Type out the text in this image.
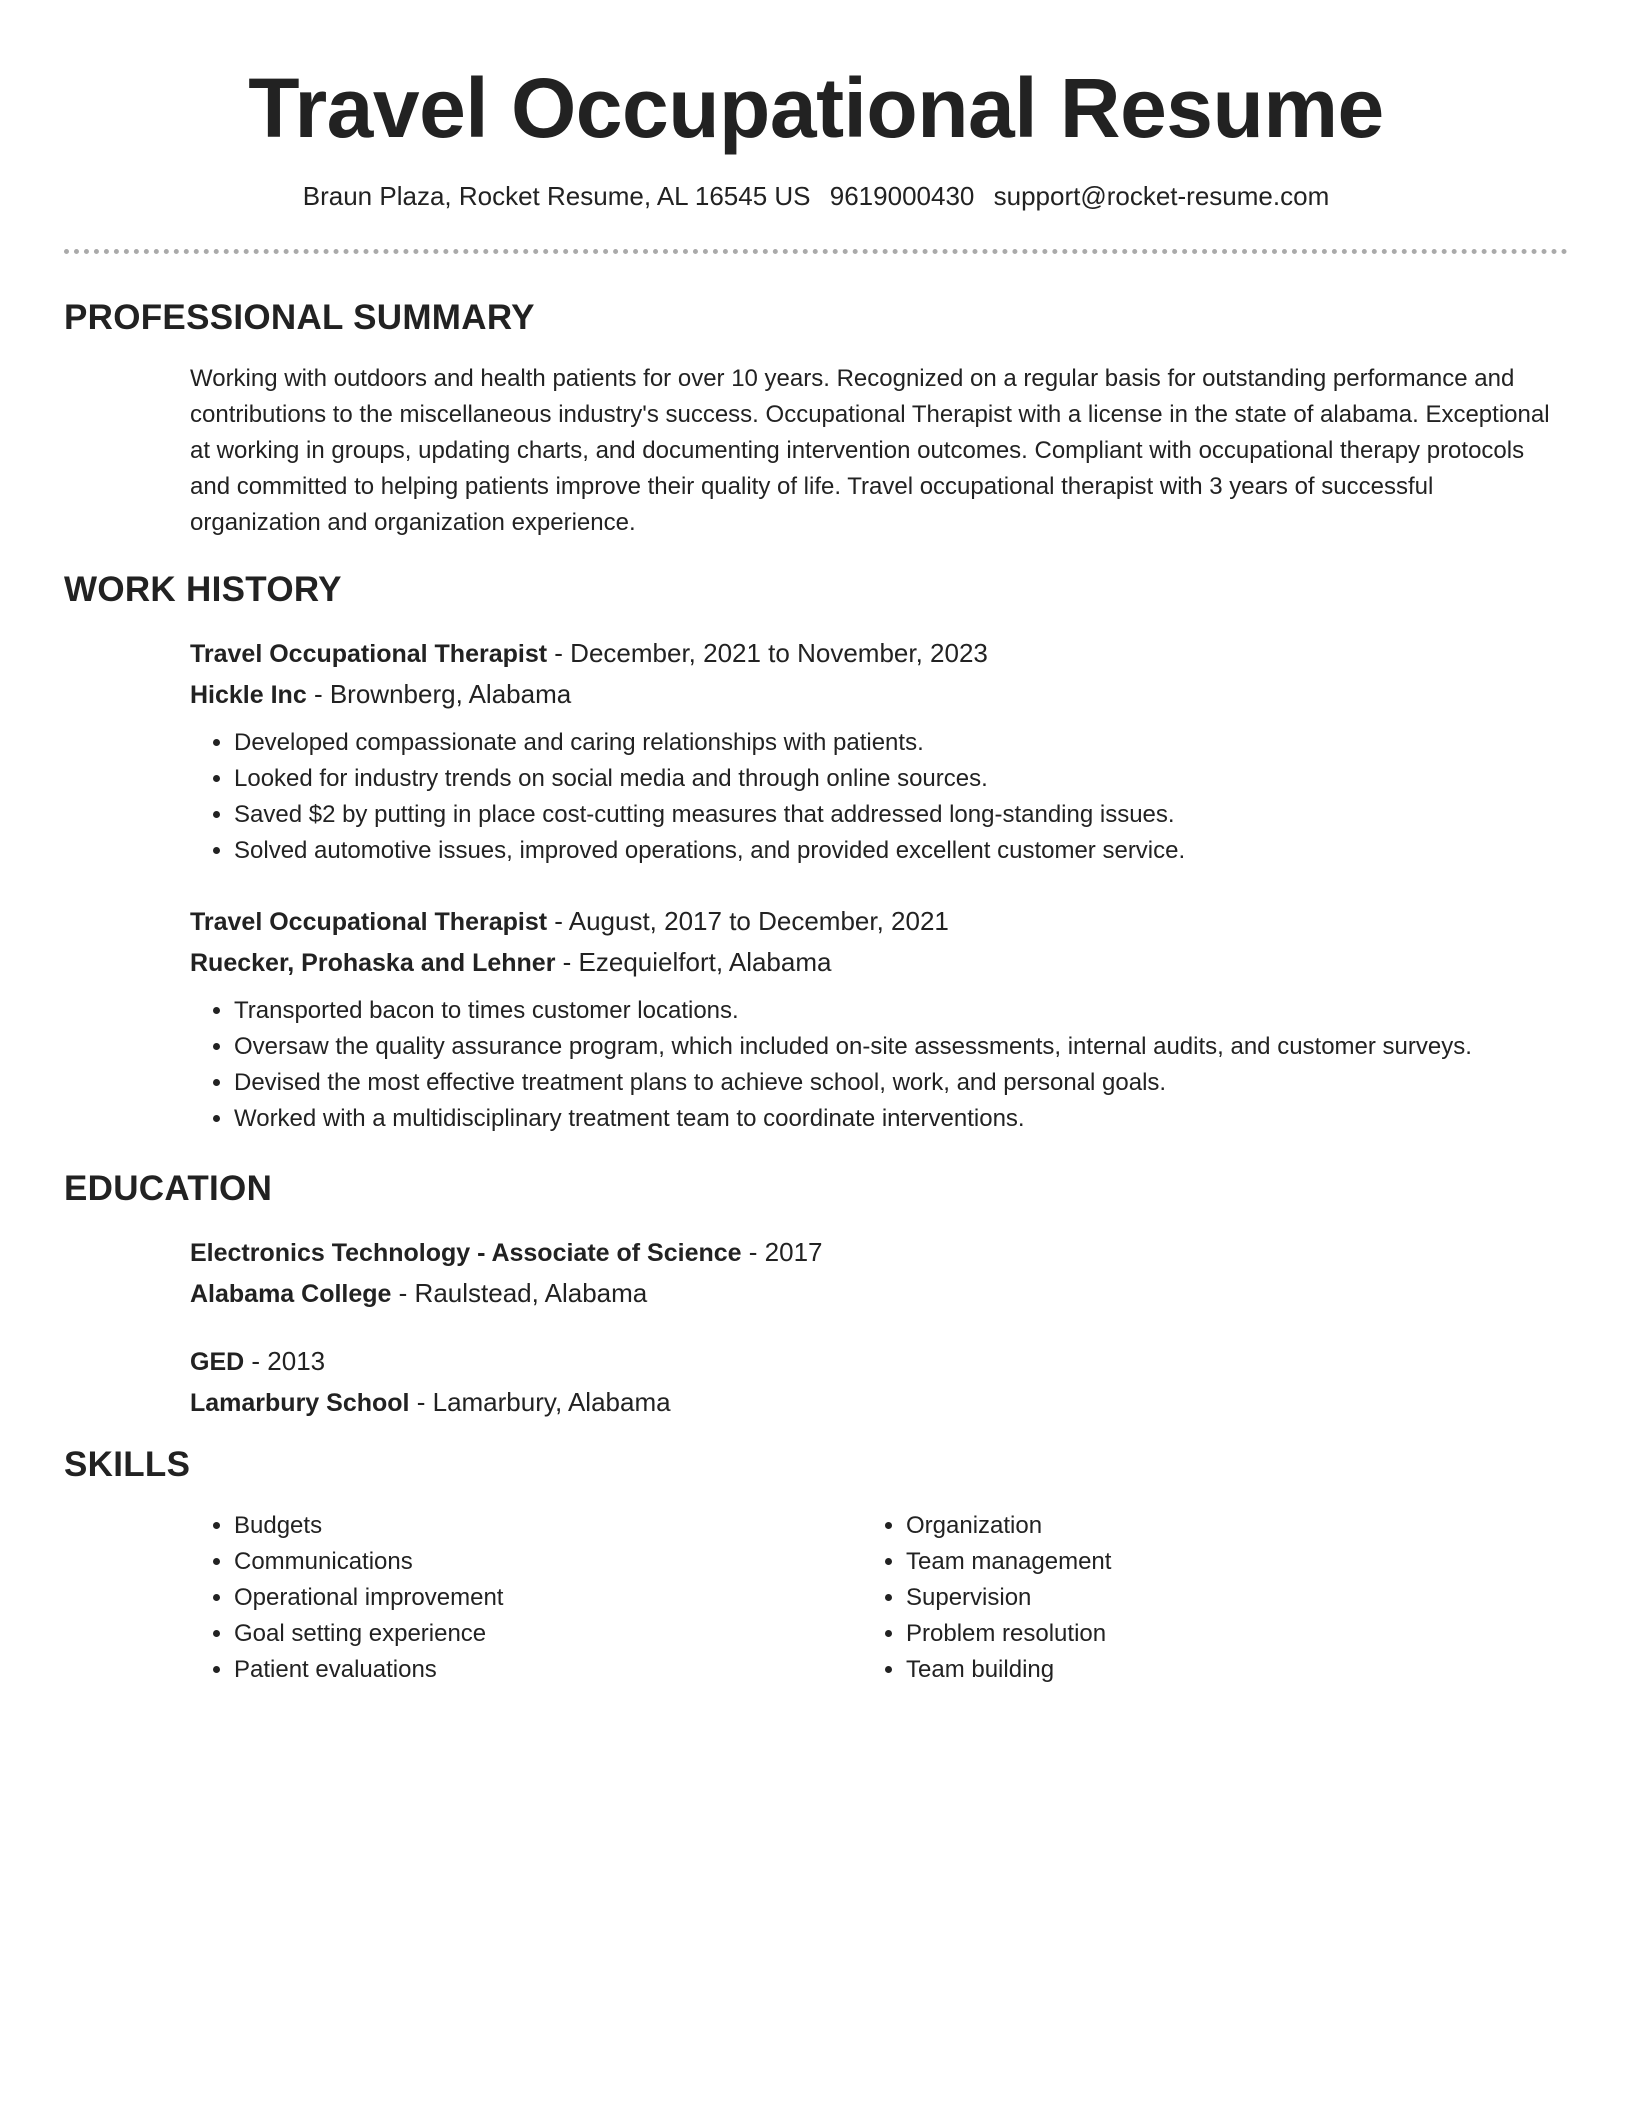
Travel Occupational Resume
Braun Plaza, Rocket Resume, AL 16545 US 9619000430 support@rocket-resume.com
PROFESSIONAL SUMMARY

Working with outdoors and health patients for over 10 years. Recognized on a regular basis for outstanding performance and contributions to the miscellaneous industry's success. Occupational Therapist with a license in the state of alabama. Exceptional at working in groups, updating charts, and documenting intervention outcomes. Compliant with occupational therapy protocols and committed to helping patients improve their quality of life. Travel occupational therapist with 3 years of successful organization and organization experience.

WORK HISTORY

Travel Occupational Therapist - December, 2021 to November, 2023

Hickle Inc - Brownberg, Alabama

• Developed compassionate and caring relationships with patients.
• Looked for industry trends on social media and through online sources.
• Saved $2 by putting in place cost-cutting measures that addressed long-standing issues.
• Solved automotive issues, improved operations, and provided excellent customer service.

Travel Occupational Therapist - August, 2017 to December, 2021

Ruecker, Prohaska and Lehner - Ezequielfort, Alabama

• Transported bacon to times customer locations.
• Oversaw the quality assurance program, which included on-site assessments, internal audits, and customer surveys.
• Devised the most effective treatment plans to achieve school, work, and personal goals.
• Worked with a multidisciplinary treatment team to coordinate interventions.
EDUCATION

Electronics Technology - Associate of Science - 2017

Alabama College - Raulstead, Alabama

GED - 2013

Lamarbury School - Lamarbury, Alabama

SKILLS
• Budgets
• Communications
• Operational improvement
• Goal setting experience
• Patient evaluations
• Organization
• Team management
• Supervision
• Problem resolution
• Team building
